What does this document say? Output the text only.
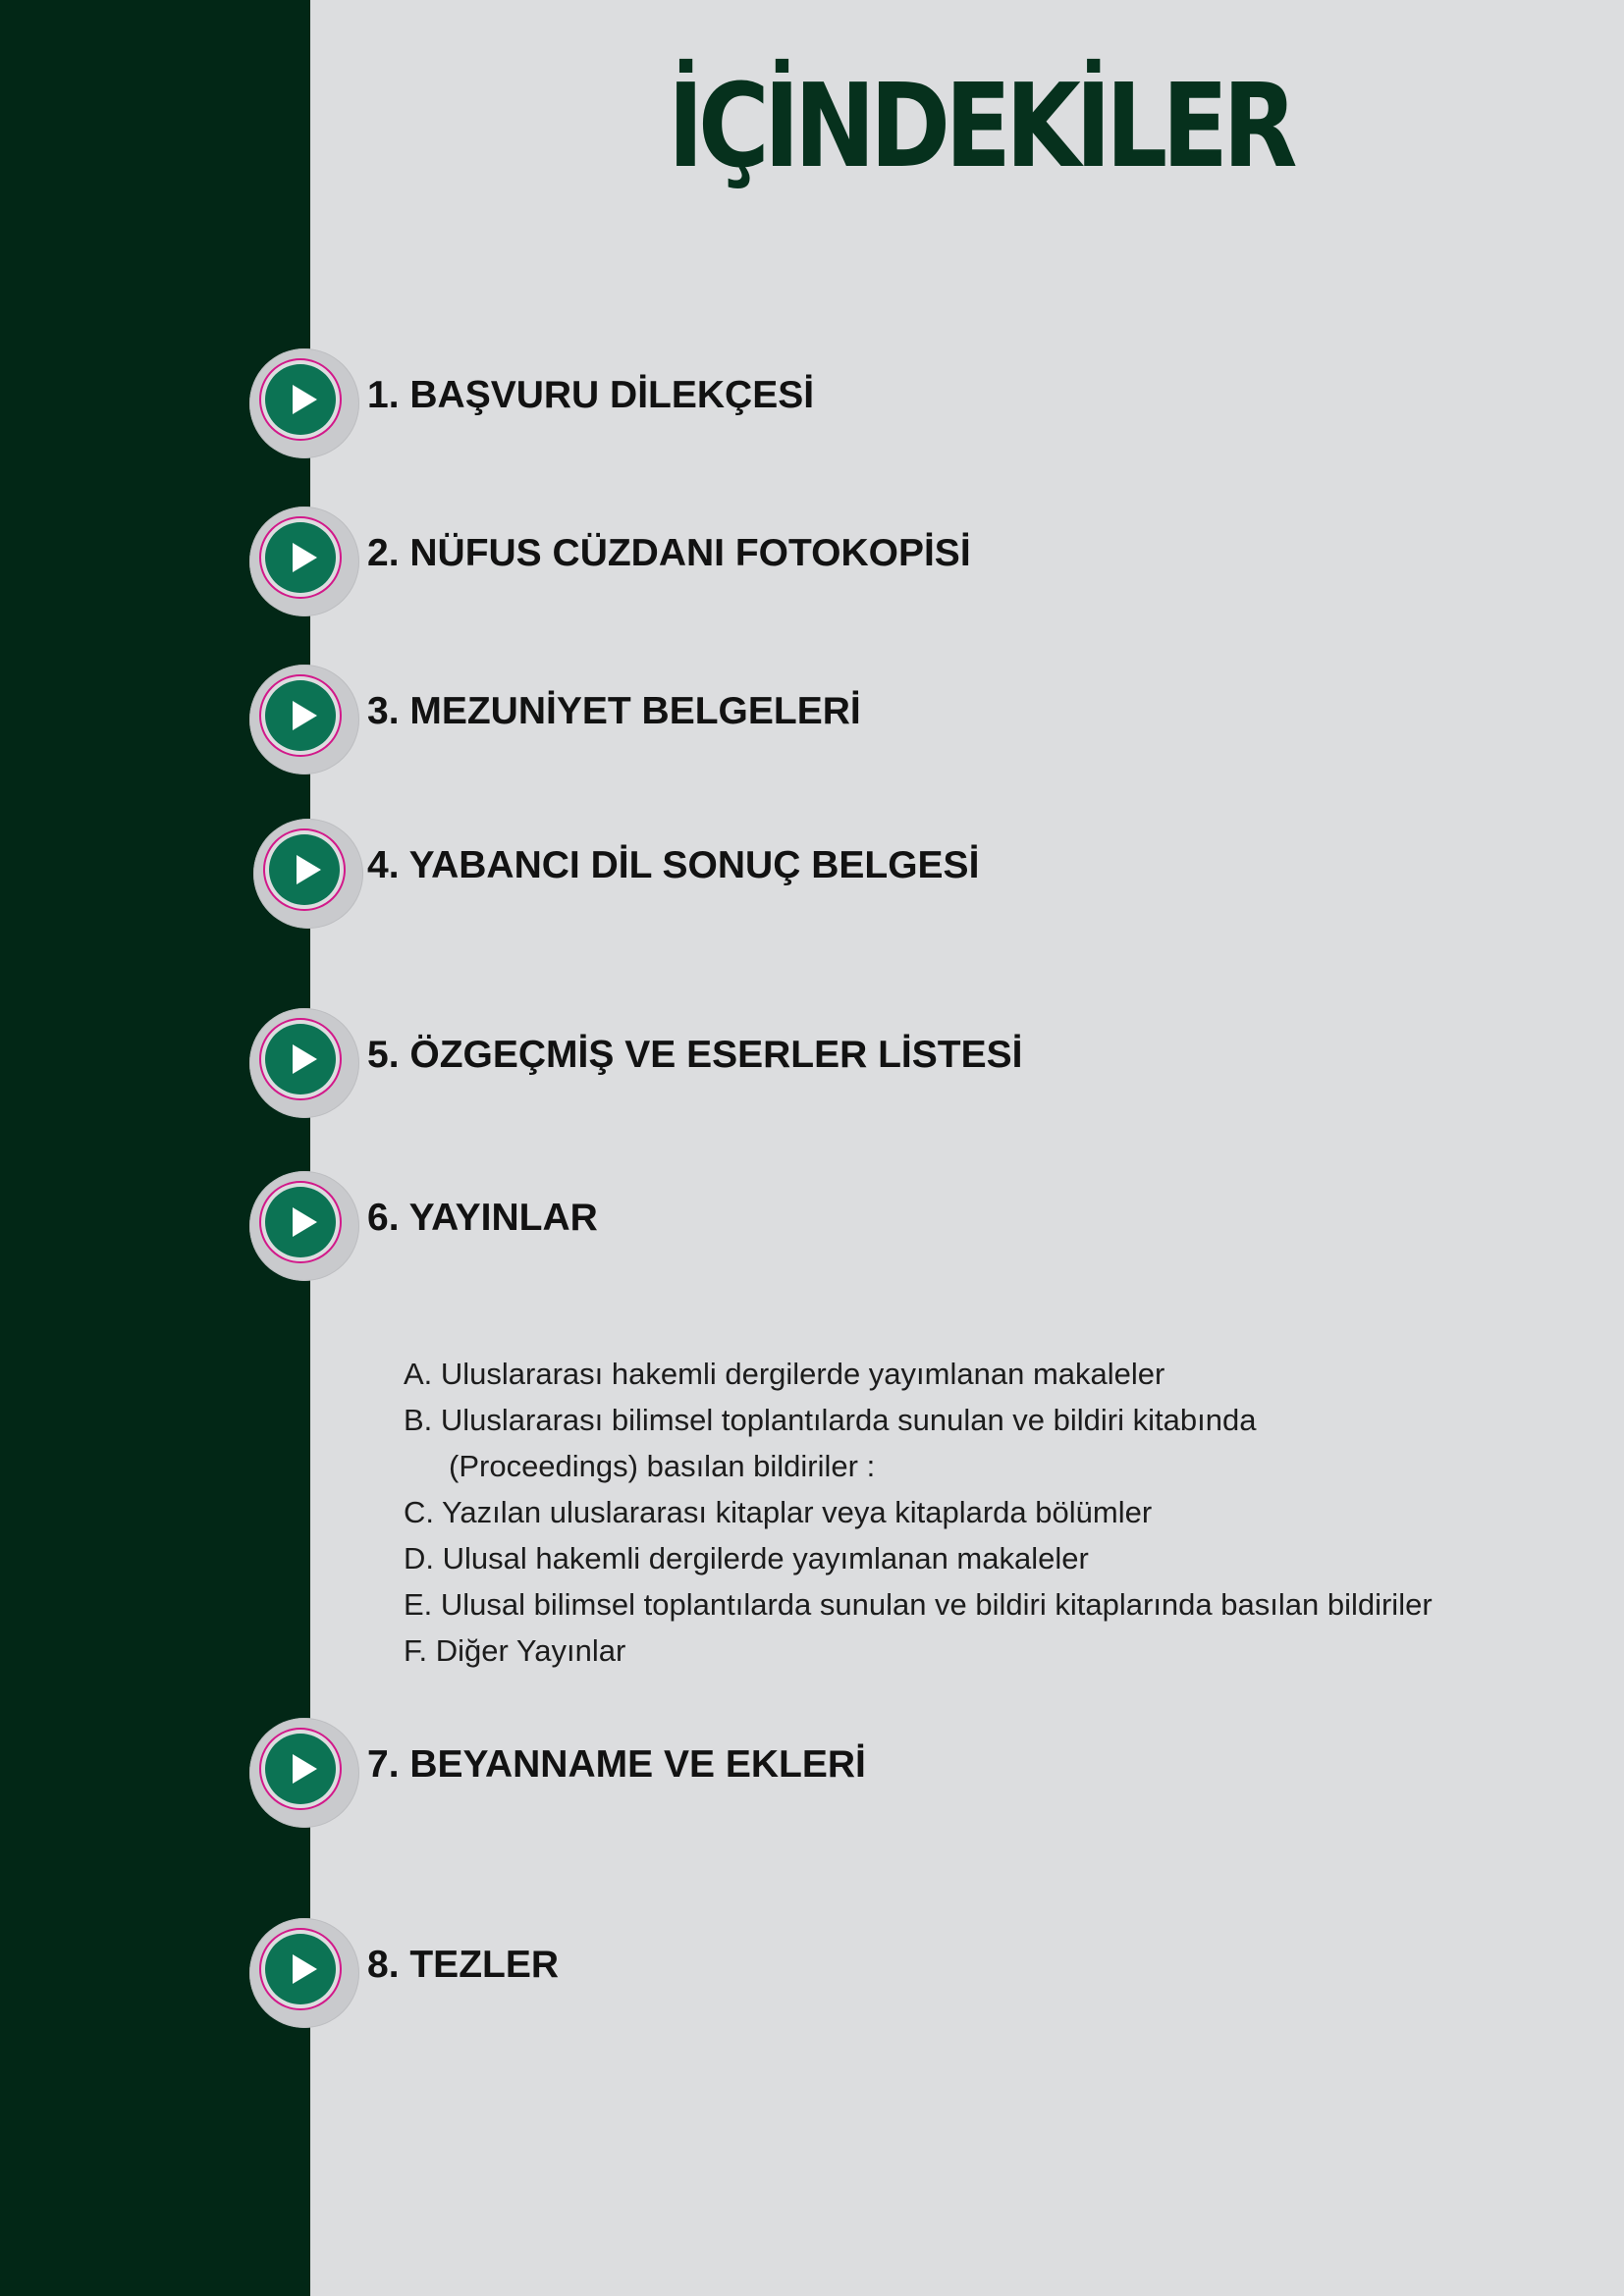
İÇİNDEKİLER
1. BAŞVURU DİLEKÇESİ
2. NÜFUS CÜZDANI FOTOKOPİSİ
3. MEZUNİYET BELGELERİ
4. YABANCI DİL SONUÇ BELGESİ
5. ÖZGEÇMİŞ VE ESERLER LİSTESİ
6. YAYINLAR
A. Uluslararası hakemli dergilerde yayımlanan makaleler
B. Uluslararası bilimsel toplantılarda sunulan ve bildiri kitabında
(Proceedings) basılan bildiriler :
C. Yazılan uluslararası kitaplar veya kitaplarda bölümler
D. Ulusal hakemli dergilerde yayımlanan makaleler
E. Ulusal bilimsel toplantılarda sunulan ve bildiri kitaplarında basılan bildiriler
F. Diğer Yayınlar
7. BEYANNAME VE EKLERİ
8. TEZLER
